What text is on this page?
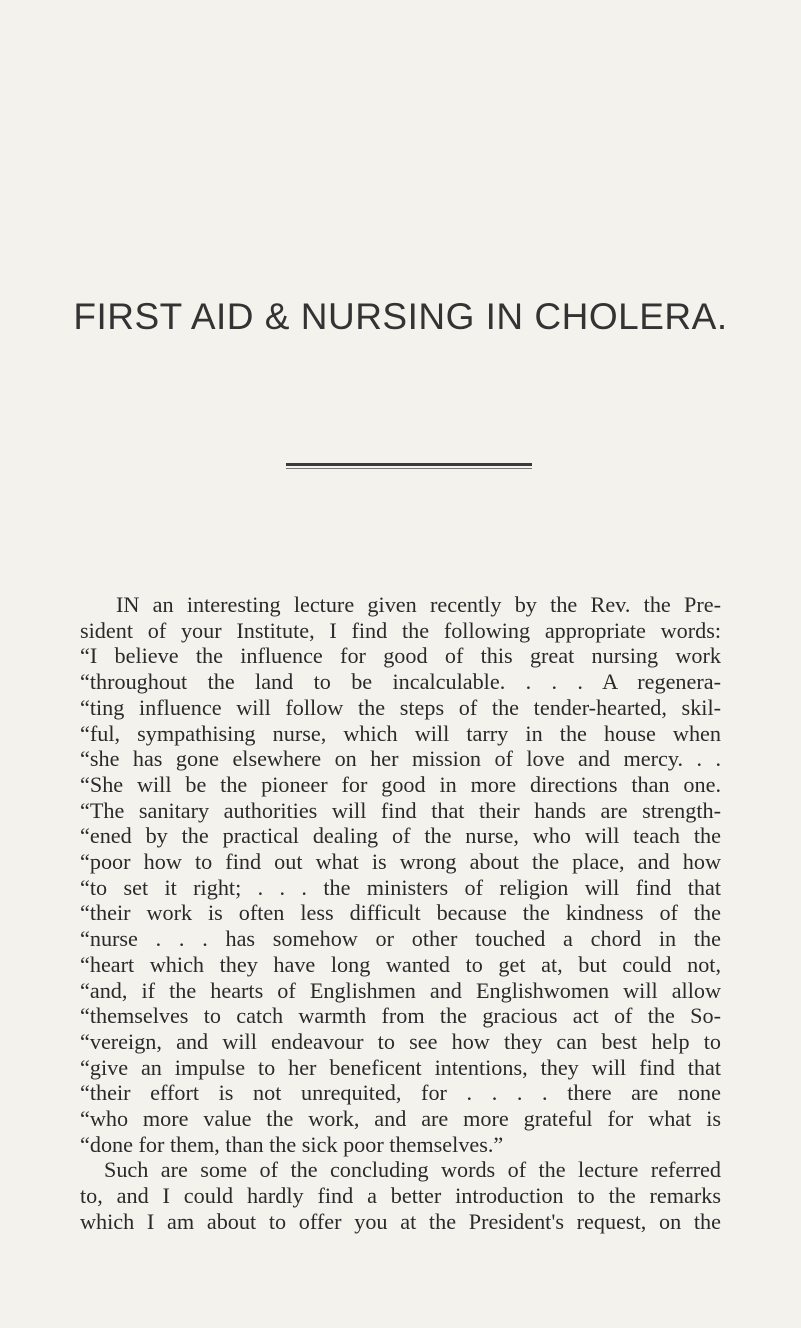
FIRST AID & NURSING IN CHOLERA.
IN an interesting lecture given recently by the Rev. the Pre-
sident of your Institute, I find the following appropriate words:
“I believe the influence for good of this great nursing work
“throughout the land to be incalculable. . . . A regenera-
“ting influence will follow the steps of the tender-hearted, skil-
“ful, sympathising nurse, which will tarry in the house when
“she has gone elsewhere on her mission of love and mercy. . .
“She will be the pioneer for good in more directions than one.
“The sanitary authorities will find that their hands are strength-
“ened by the practical dealing of the nurse, who will teach the
“poor how to find out what is wrong about the place, and how
“to set it right; . . . the ministers of religion will find that
“their work is often less difficult because the kindness of the
“nurse . . . has somehow or other touched a chord in the
“heart which they have long wanted to get at, but could not,
“and, if the hearts of Englishmen and Englishwomen will allow
“themselves to catch warmth from the gracious act of the So-
“vereign, and will endeavour to see how they can best help to
“give an impulse to her beneficent intentions, they will find that
“their effort is not unrequited, for . . . . there are none
“who more value the work, and are more grateful for what is
“done for them, than the sick poor themselves.”
Such are some of the concluding words of the lecture referred
to, and I could hardly find a better introduction to the remarks
which I am about to offer you at the President's request, on the
